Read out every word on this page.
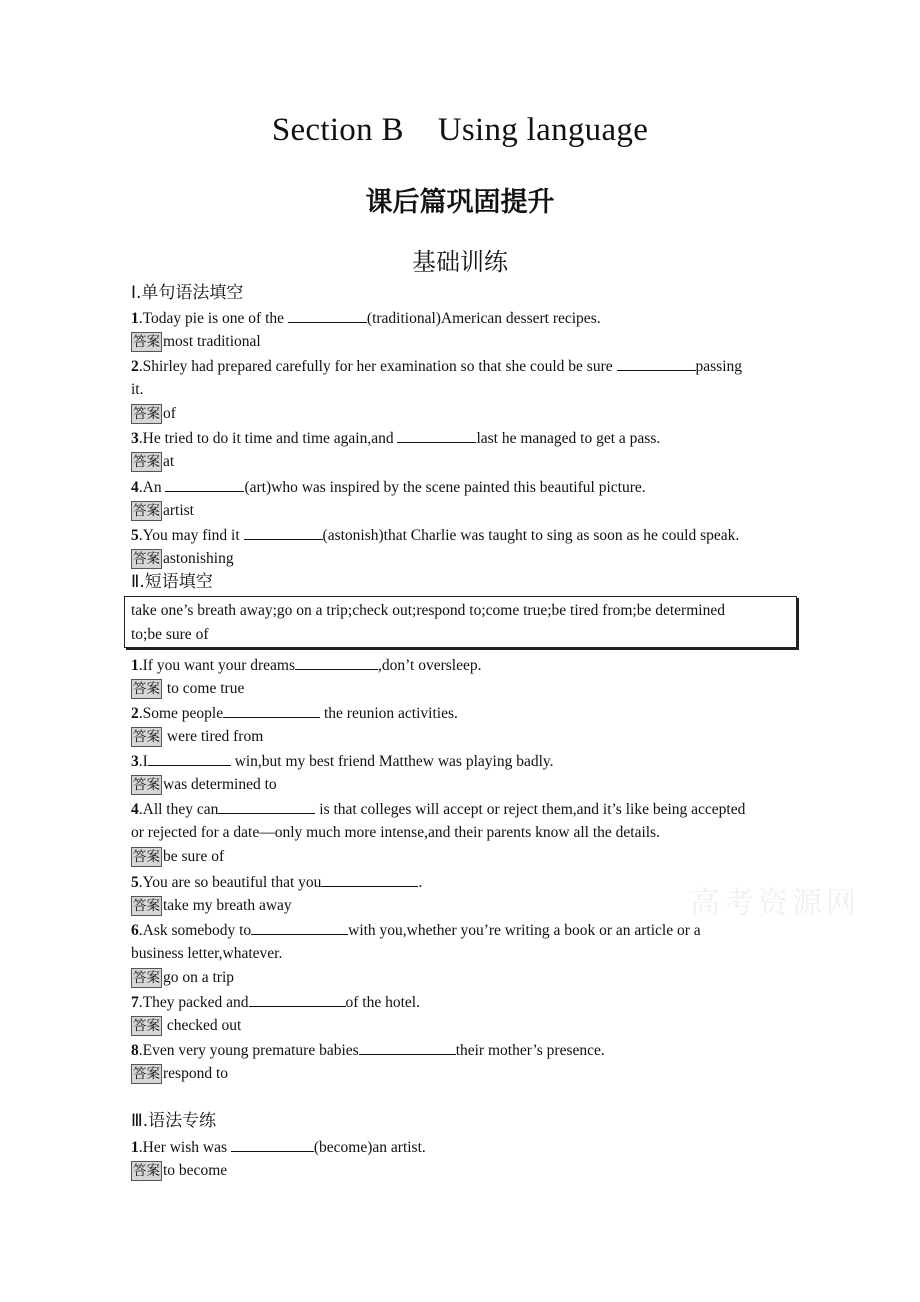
Section B Using language
课后篇巩固提升
基础训练
Ⅰ.单句语法填空
1.Today pie is one of the	(traditional)American dessert recipes.
答案 most traditional
2.Shirley had prepared carefully for her examination so that she could be sure	passing
it.
答案 of
3.He tried to do it time and time again,and	last he managed to get a pass.
答案 at
4.An	(art)who was inspired by the scene painted this beautiful picture.
答案 artist
5.You may find it	(astonish)that Charlie was taught to sing as soon as he could speak.
答案 astonishing
Ⅱ.短语填空
take one’s breath away;go on a trip;check out;respond to;come true;be tired from;be determined
to;be sure of
1.If you want your dreams	,don’t oversleep.
答案 to come true
2.Some people	the reunion activities.
答案 were tired from
3.I	win,but my best friend Matthew was playing badly.
答案 was determined to
4.All they can	is that colleges will accept or reject them,and it’s like being accepted
or rejected for a date—only much more intense,and their parents know all the details.
答案 be sure of
5.You are so beautiful that you	.
答案 take my breath away
6.Ask somebody to	with you,whether you’re writing a book or an article or a
business letter,whatever.
答案 go on a trip
7.They packed and	of the hotel.
答案 checked out
8.Even very young premature babies	their mother’s presence.
答案 respond to
Ⅲ.语法专练
1.Her wish was	(become)an artist.
答案 to become
高考资源网
